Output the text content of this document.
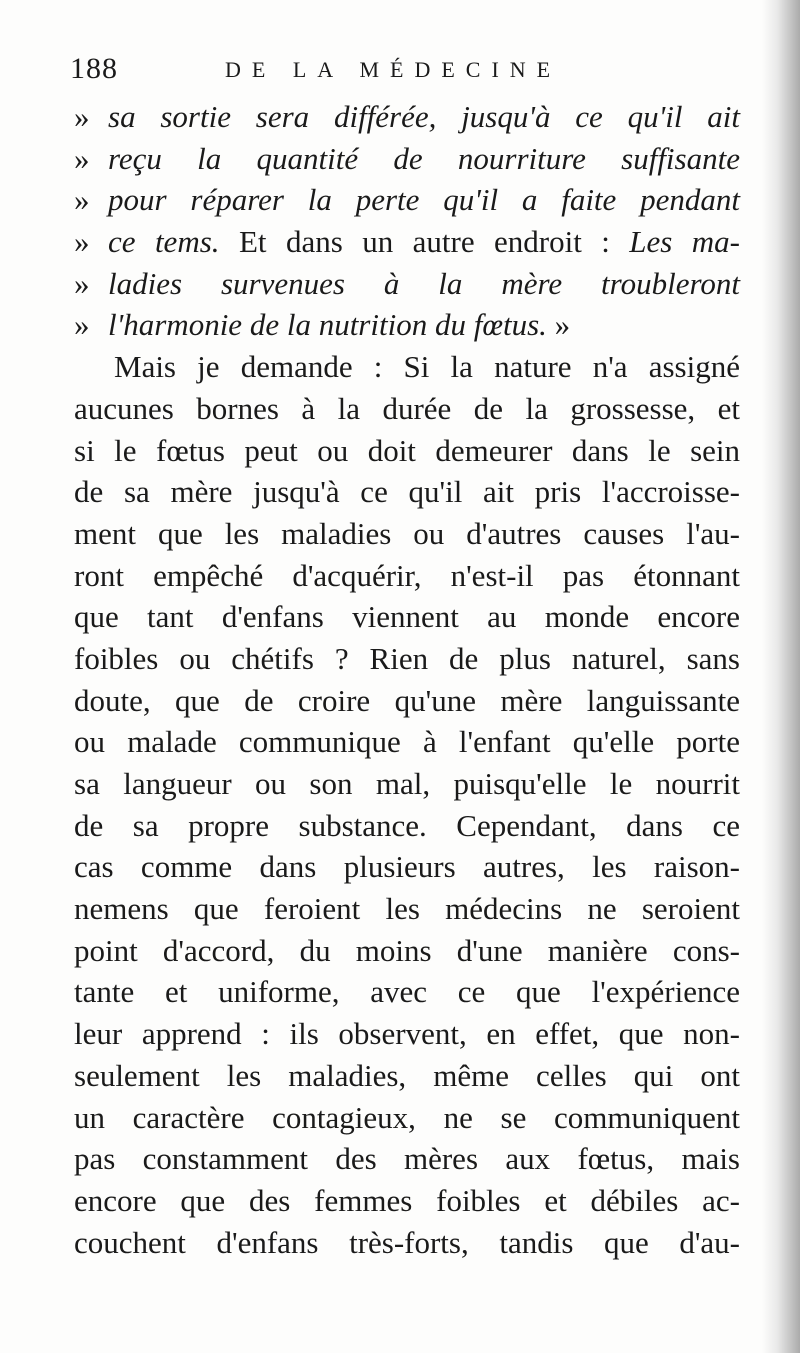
188	DE LA MÉDECINE
» sa sortie sera différée, jusqu'à ce qu'il ait
» reçu la quantité de nourriture suffisante
» pour réparer la perte qu'il a faite pendant
» ce tems. Et dans un autre endroit : Les ma-
» ladies survenues à la mère troubleront
» l'harmonie de la nutrition du fœtus. »
Mais je demande : Si la nature n'a assigné
aucunes bornes à la durée de la grossesse, et
si le fœtus peut ou doit demeurer dans le sein
de sa mère jusqu'à ce qu'il ait pris l'accroisse-
ment que les maladies ou d'autres causes l'au-
ront empêché d'acquérir, n'est-il pas étonnant
que tant d'enfans viennent au monde encore
foibles ou chétifs ? Rien de plus naturel, sans
doute, que de croire qu'une mère languissante
ou malade communique à l'enfant qu'elle porte
sa langueur ou son mal, puisqu'elle le nourrit
de sa propre substance. Cependant, dans ce
cas comme dans plusieurs autres, les raison-
nemens que feroient les médecins ne seroient
point d'accord, du moins d'une manière cons-
tante et uniforme, avec ce que l'expérience
leur apprend : ils observent, en effet, que non-
seulement les maladies, même celles qui ont
un caractère contagieux, ne se communiquent
pas constamment des mères aux fœtus, mais
encore que des femmes foibles et débiles ac-
couchent d'enfans très-forts, tandis que d'au-
